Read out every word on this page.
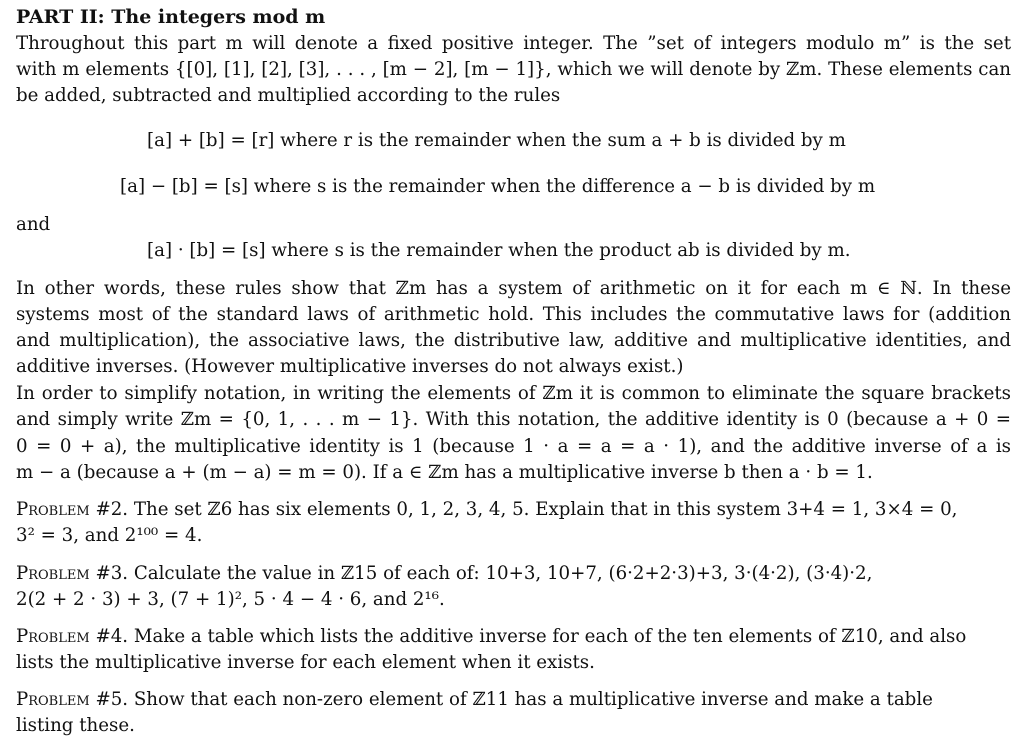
PART II: The integers mod m
Throughout this part m will denote a fixed positive integer. The ”set of integers modulo m” is the set
with m elements {[0], [1], [2], [3], . . . , [m − 2], [m − 1]}, which we will denote by ℤm. These elements can
be added, subtracted and multiplied according to the rules
[a] + [b] = [r] where r is the remainder when the sum a + b is divided by m
[a] − [b] = [s] where s is the remainder when the difference a − b is divided by m
and
[a] · [b] = [s] where s is the remainder when the product ab is divided by m.
In other words, these rules show that ℤm has a system of arithmetic on it for each m ∈ ℕ. In these
systems most of the standard laws of arithmetic hold. This includes the commutative laws for (addition
and multiplication), the associative laws, the distributive law, additive and multiplicative identities, and
additive inverses. (However multiplicative inverses do not always exist.)
In order to simplify notation, in writing the elements of ℤm it is common to eliminate the square brackets
and simply write ℤm = {0, 1, . . . m − 1}. With this notation, the additive identity is 0 (because a + 0 =
0 = 0 + a), the multiplicative identity is 1 (because 1 · a = a = a · 1), and the additive inverse of a is
m − a (because a + (m − a) = m = 0). If a ∈ ℤm has a multiplicative inverse b then a · b = 1.
Problem #2. The set ℤ6 has six elements 0, 1, 2, 3, 4, 5. Explain that in this system 3+4 = 1, 3×4 = 0,
3² = 3, and 2¹⁰⁰ = 4.
Problem #3. Calculate the value in ℤ15 of each of: 10+3, 10+7, (6·2+2·3)+3, 3·(4·2), (3·4)·2,
2(2 + 2 · 3) + 3, (7 + 1)², 5 · 4 − 4 · 6, and 2¹⁶.
Problem #4. Make a table which lists the additive inverse for each of the ten elements of ℤ10, and also
lists the multiplicative inverse for each element when it exists.
Problem #5. Show that each non-zero element of ℤ11 has a multiplicative inverse and make a table
listing these.
